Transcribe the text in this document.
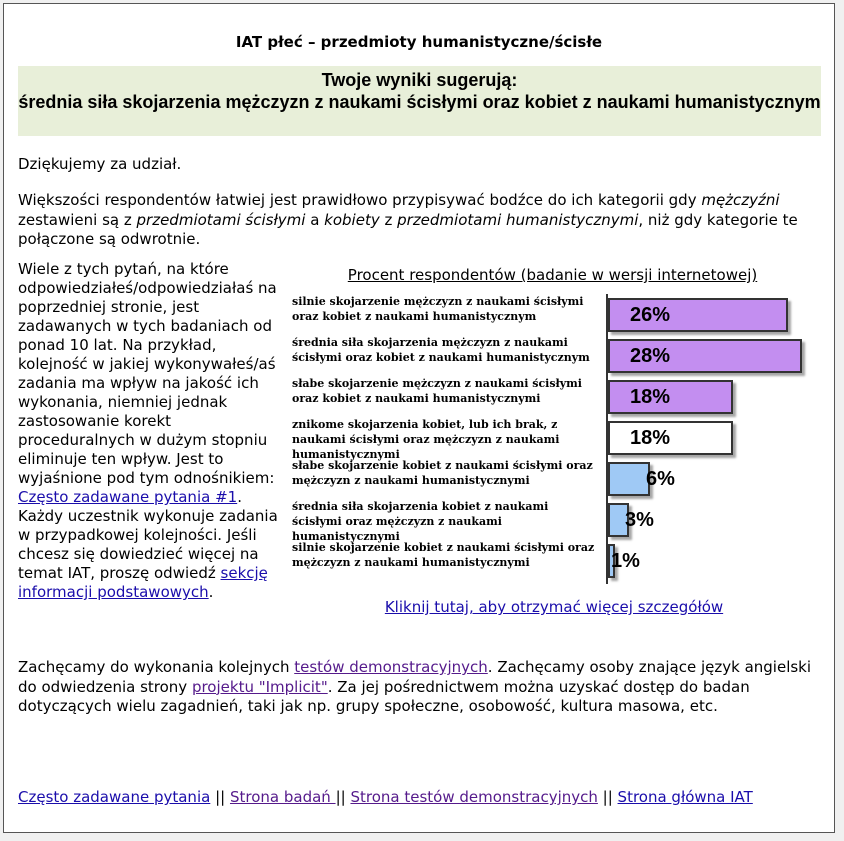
IAT płeć – przedmioty humanistyczne/ścisłe
Twoje wyniki sugerują:
średnia siła skojarzenia mężczyzn z naukami ścisłymi oraz kobiet z naukami humanistycznym

Dziękujemy za udział.

Większości respondentów łatwiej jest prawidłowo przypisywać bodźce do ich kategorii gdy mężczyźni zestawieni są z przedmiotami ścisłymi a kobiety z przedmiotami humanistycznymi, niż gdy kategorie te połączone są odwrotnie.

Wiele z tych pytań, na które odpowiedziałeś/odpowiedziałaś na poprzedniej stronie, jest zadawanych w tych badaniach od ponad 10 lat. Na przykład, kolejność w jakiej wykonywałeś/aś zadania ma wpływ na jakość ich wykonania, niemniej jednak zastosowanie korekt proceduralnych w dużym stopniu eliminuje ten wpływ. Jest to wyjaśnione pod tym odnośnikiem: Często zadawane pytania #1. Każdy uczestnik wykonuje zadania w przypadkowej kolejności. Jeśli chcesz się dowiedzieć więcej na temat IAT, proszę odwiedź sekcję informacji podstawowych.

Procent respondentów (badanie w wersji internetowej)
silnie skojarzenie mężczyzn z naukami ścisłymi oraz kobiet z naukami humanistycznym	26%
średnia siła skojarzenia mężczyzn z naukami ścisłymi oraz kobiet z naukami humanistycznym	28%
słabe skojarzenie mężczyzn z naukami ścisłymi oraz kobiet z naukami humanistycznymi	18%
znikome skojarzenia kobiet, lub ich brak, z naukami ścisłymi oraz mężczyzn z naukami humanistycznymi
18%
słabe skojarzenie kobiet z naukami ścisłymi oraz mężczyzn z naukami humanistycznymi	6%
średnia siła skojarzenia kobiet z naukami ścisłymi oraz mężczyzn z naukami humanistycznymi
3%
silnie skojarzenie kobiet z naukami ścisłymi oraz mężczyzn z naukami humanistycznymi	1%
Kliknij tutaj, aby otrzymać więcej szczegółów

Zachęcamy do wykonania kolejnych testów demonstracyjnych. Zachęcamy osoby znające język angielski do odwiedzenia strony projektu "Implicit". Za jej pośrednictwem można uzyskać dostęp do badan dotyczących wielu zagadnień, taki jak np. grupy społeczne, osobowość, kultura masowa, etc.

Często zadawane pytania || Strona badań || Strona testów demonstracyjnych || Strona główna IAT
